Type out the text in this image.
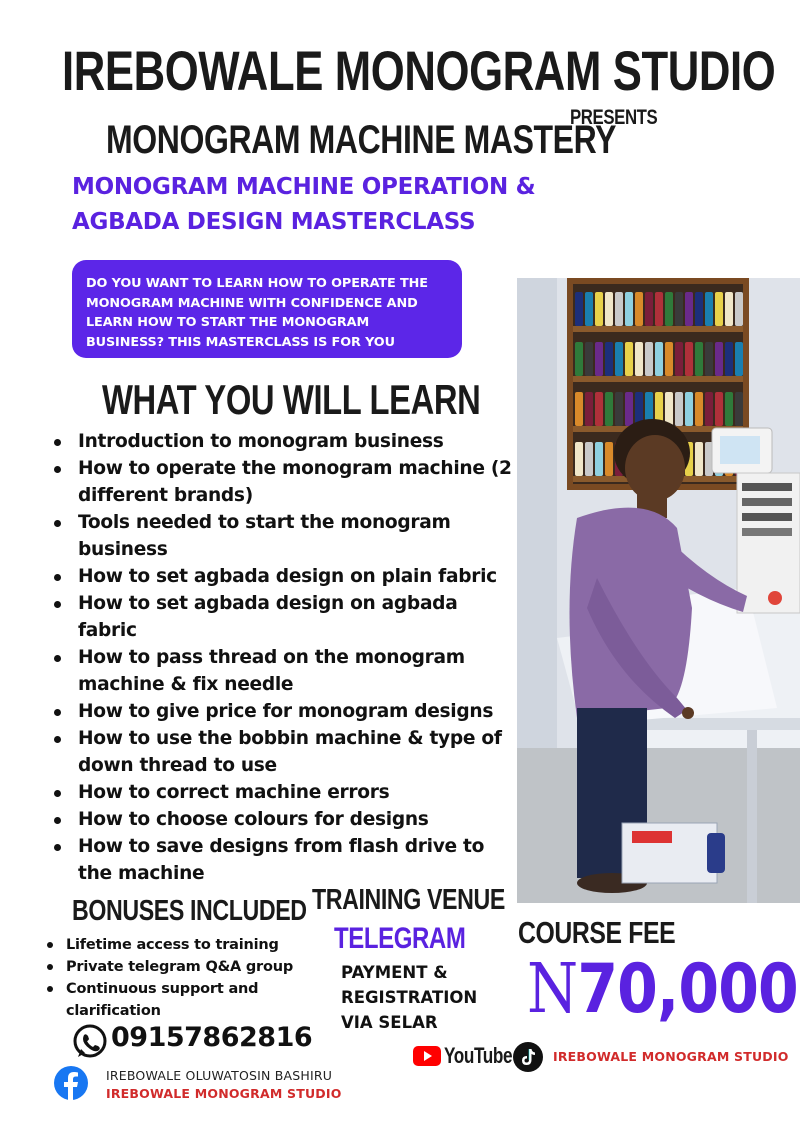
IREBOWALE MONOGRAM STUDIO
PRESENTS
MONOGRAM MACHINE MASTERY
MONOGRAM MACHINE OPERATION &
AGBADA DESIGN MASTERCLASS
DO YOU WANT TO LEARN HOW TO OPERATE THE MONOGRAM MACHINE WITH CONFIDENCE AND LEARN HOW TO START THE MONOGRAM BUSINESS? THIS MASTERCLASS IS FOR YOU
WHAT YOU WILL LEARN
Introduction to monogram business
How to operate the monogram machine (2 different brands)
Tools needed to start the monogram business
How to set agbada design on plain fabric
How to set agbada design on agbada fabric
How to pass thread on the monogram machine & fix needle
How to give price for monogram designs
How to use the bobbin machine & type of down thread to use
How to correct machine errors
How to choose colours for designs
How to save designs from flash drive to the machine
BONUSES INCLUDED
Lifetime access to training
Private telegram Q&A group
Continuous support and clarification
TRAINING VENUE
TELEGRAM
PAYMENT & REGISTRATION VIA SELAR
COURSE FEE
N70,000
09157862816
IREBOWALE OLUWATOSIN BASHIRU
IREBOWALE MONOGRAM STUDIO
YouTube	IREBOWALE MONOGRAM STUDIO
